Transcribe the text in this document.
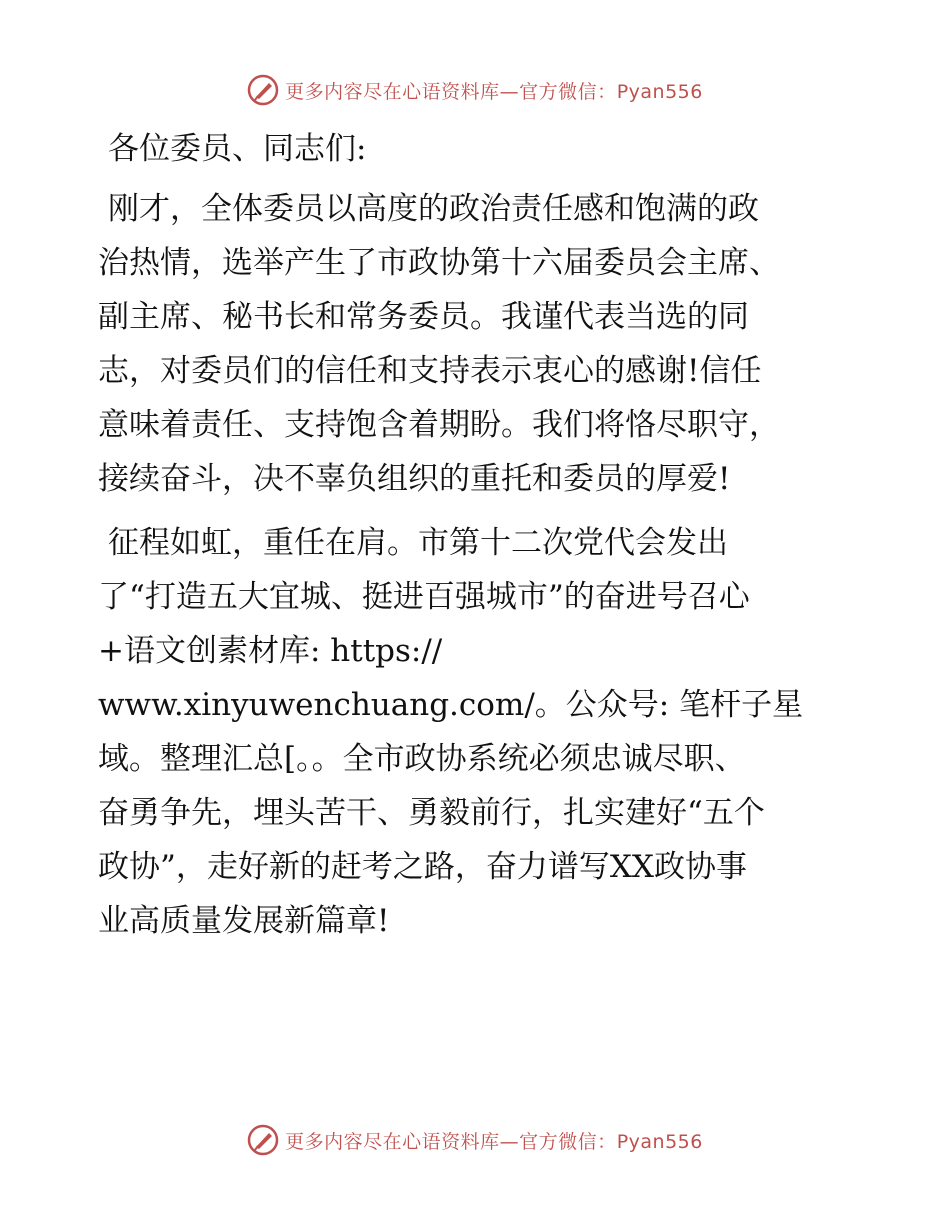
更多内容尽在心语资料库—官方微信：Pyan556
各位委员、同志们:
刚才，全体委员以高度的政治责任感和饱满的政
治热情，选举产生了市政协第十六届委员会主席、
副主席、秘书长和常务委员。我谨代表当选的同
志，对委员们的信任和支持表示衷心的感谢!信任
意味着责任、支持饱含着期盼。我们将恪尽职守，
接续奋斗，决不辜负组织的重托和委员的厚爱!
征程如虹，重任在肩。市第十二次党代会发出
了“打造五大宜城、挺进百强城市”的奋进号召心
+语文创素材库: https://
www.xinyuwenchuang.com/。公众号: 笔杆子星
域。整理汇总[。。全市政协系统必须忠诚尽职、
奋勇争先，埋头苦干、勇毅前行，扎实建好“五个
政协”，走好新的赶考之路，奋力谱写XX政协事
业高质量发展新篇章!
更多内容尽在心语资料库—官方微信：Pyan556
